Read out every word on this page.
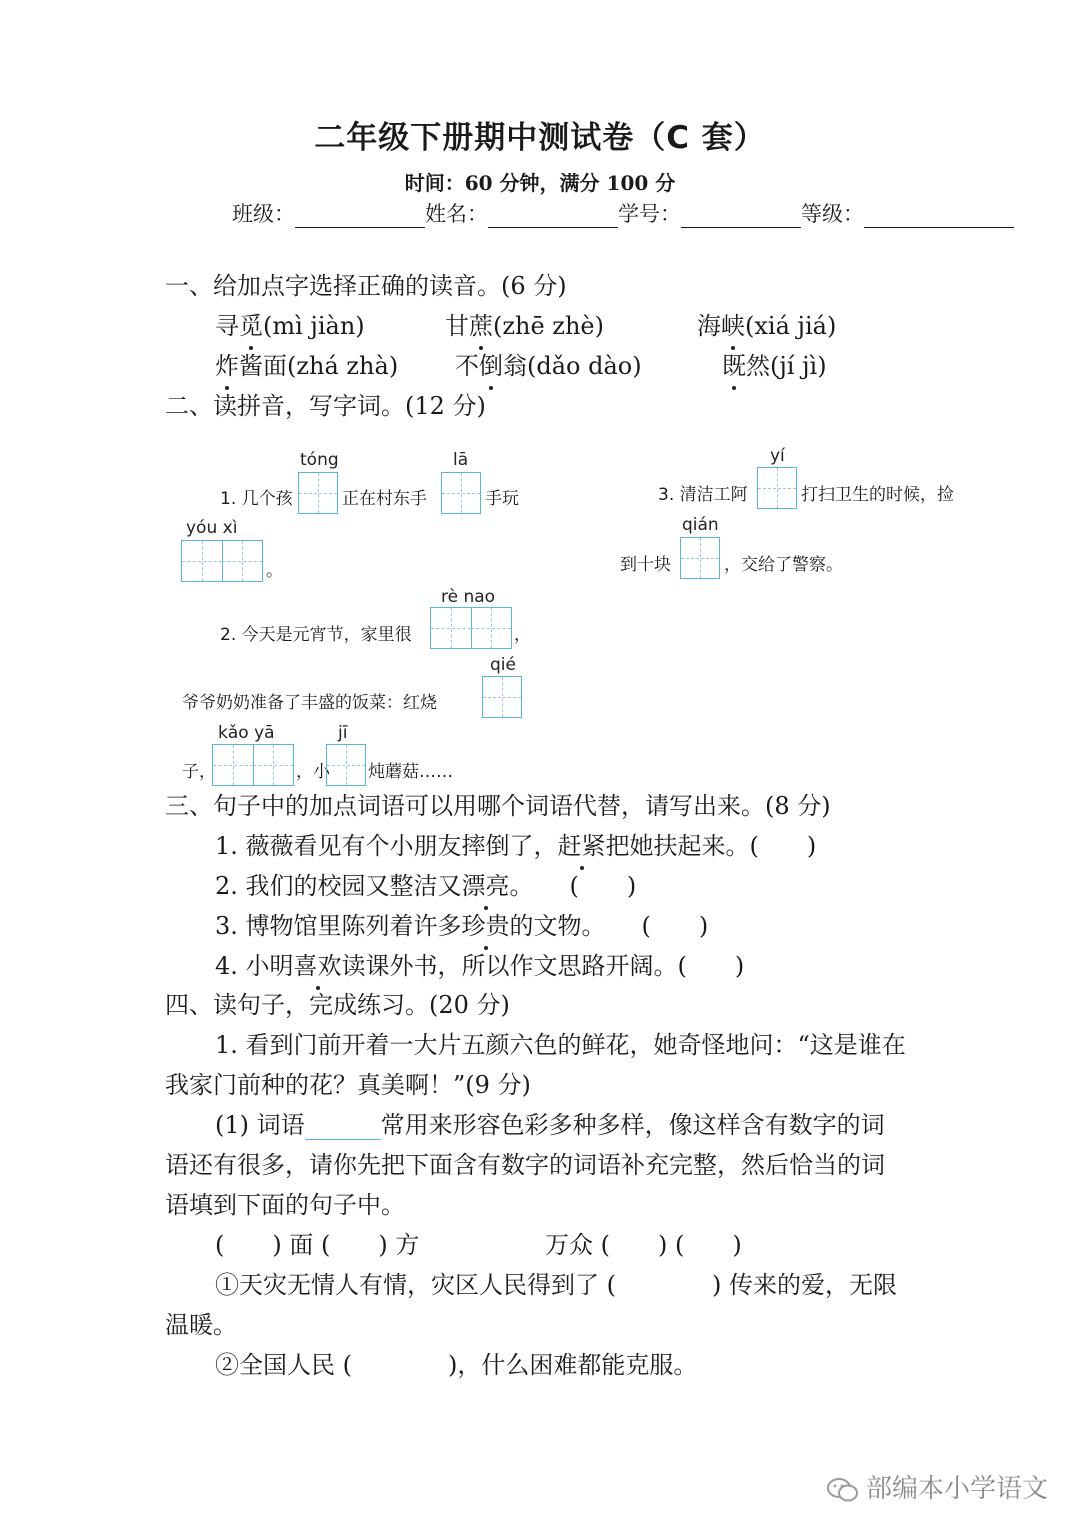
二年级下册期中测试卷（C 套）
时间：60 分钟，满分 100 分
班级：	姓名：	学号：	等级：
一、给加点字选择正确的读音。(6 分)
寻觅(mì jiàn)	甘蔗(zhē zhè)	海峡(xiá jiá)
炸酱面(zhá zhà) 不倒翁(dǎo dào)	既然(jí jì)
二、读拼音，写字词。(12 分)
tóng	lā
1. 几个孩	正在村东手	手玩
yóu xì
。
yí
3. 清洁工阿	打扫卫生的时候，捡
qián
到十块	，交给了警察。
rè nao
2. 今天是元宵节，家里很	，
qié
爷爷奶奶准备了丰盛的饭菜：红烧
kǎo yā	jī
子，	，小 炖蘑菇……
三、句子中的加点词语可以用哪个词语代替，请写出来。(8 分)
1. 薇薇看见有个小朋友摔倒了，赶紧把她扶起来。(　　)
2. 我们的校园又整洁又漂亮。　　(　　)
3. 博物馆里陈列着许多珍贵的文物。　　(　　)
4. 小明喜欢读课外书，所以作文思路开阔。(　　)
四、读句子，完成练习。(20 分)
1. 看到门前开着一大片五颜六色的鲜花，她奇怪地问：“这是谁在
我家门前种的花？真美啊！”(9 分)
(1) 词语	常用来形容色彩多种多样，像这样含有数字的词
语还有很多，请你先把下面含有数字的词语补充完整，然后恰当的词
语填到下面的句子中。
(　　) 面 (　　) 方	万众 (　　) (　　)
①天灾无情人有情，灾区人民得到了 (　　　　) 传来的爱，无限
温暖。
②全国人民 (　　　　)，什么困难都能克服。
部编本小学语文
